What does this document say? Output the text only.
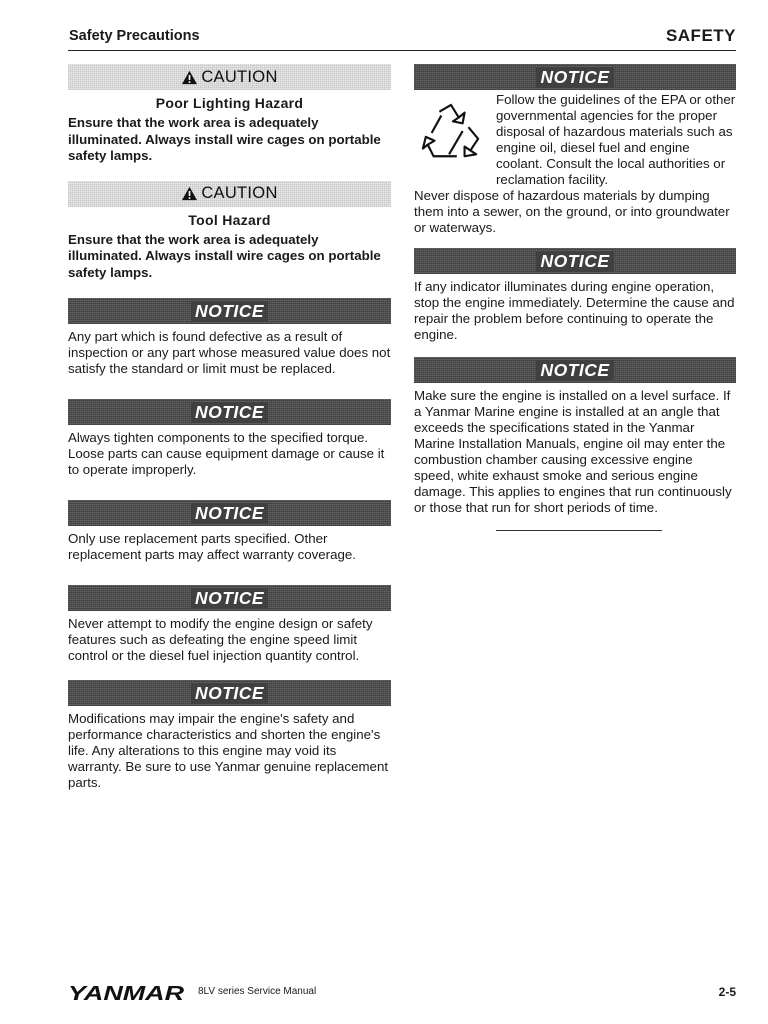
Safety Precautions	SAFETY
CAUTION
Poor Lighting Hazard
Ensure that the work area is adequately illuminated. Always install wire cages on portable safety lamps.
CAUTION
Tool Hazard
Ensure that the work area is adequately illuminated. Always install wire cages on portable safety lamps.
NOTICE
Any part which is found defective as a result of inspection or any part whose measured value does not satisfy the standard or limit must be replaced.
NOTICE
Always tighten components to the specified torque. Loose parts can cause equipment damage or cause it to operate improperly.
NOTICE
Only use replacement parts specified. Other replacement parts may affect warranty coverage.
NOTICE
Never attempt to modify the engine design or safety features such as defeating the engine speed limit control or the diesel fuel injection quantity control.
NOTICE
Modifications may impair the engine's safety and performance characteristics and shorten the engine's life. Any alterations to this engine may void its warranty. Be sure to use Yanmar genuine replacement parts.
NOTICE
Follow the guidelines of the EPA or other governmental agencies for the proper disposal of hazardous materials such as engine oil, diesel fuel and engine coolant. Consult the local authorities or reclamation facility.
Never dispose of hazardous materials by dumping them into a sewer, on the ground, or into groundwater or waterways.
NOTICE
If any indicator illuminates during engine operation, stop the engine immediately. Determine the cause and repair the problem before continuing to operate the engine.
NOTICE
Make sure the engine is installed on a level surface. If a Yanmar Marine engine is installed at an angle that exceeds the specifications stated in the Yanmar Marine Installation Manuals, engine oil may enter the combustion chamber causing excessive engine speed, white exhaust smoke and serious engine damage. This applies to engines that run continuously or those that run for short periods of time.
YANMAR 8LV series Service Manual	2-5
